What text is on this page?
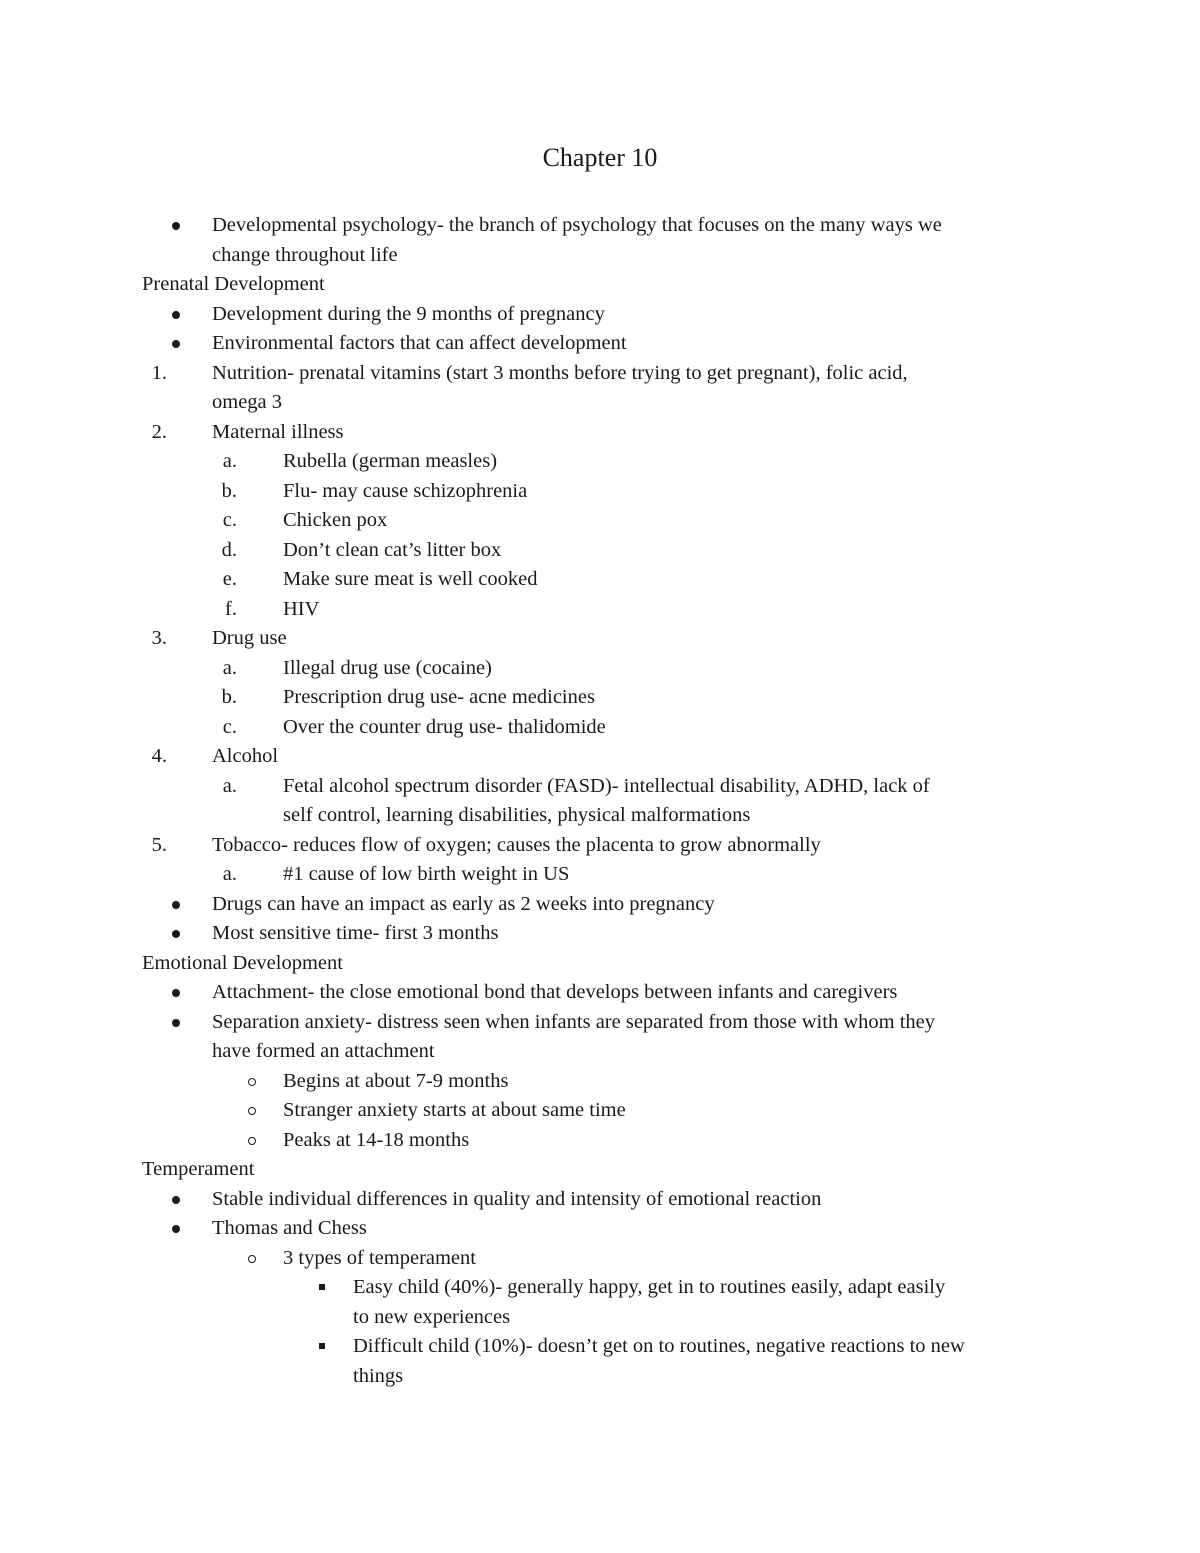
Chapter 10
Developmental psychology- the branch of psychology that focuses on the many ways we
change throughout life
Prenatal Development
Development during the 9 months of pregnancy
Environmental factors that can affect development
1. Nutrition- prenatal vitamins (start 3 months before trying to get pregnant), folic acid,
omega 3
2. Maternal illness
a. Rubella (german measles)
b. Flu- may cause schizophrenia
c. Chicken pox
d. Don’t clean cat’s litter box
e. Make sure meat is well cooked
f. HIV
3. Drug use
a. Illegal drug use (cocaine)
b. Prescription drug use- acne medicines
c. Over the counter drug use- thalidomide
4. Alcohol
a. Fetal alcohol spectrum disorder (FASD)- intellectual disability, ADHD, lack of
self control, learning disabilities, physical malformations
5. Tobacco- reduces flow of oxygen; causes the placenta to grow abnormally
a. #1 cause of low birth weight in US
Drugs can have an impact as early as 2 weeks into pregnancy
Most sensitive time- first 3 months
Emotional Development
Attachment- the close emotional bond that develops between infants and caregivers
Separation anxiety- distress seen when infants are separated from those with whom they
have formed an attachment
Begins at about 7-9 months
Stranger anxiety starts at about same time
Peaks at 14-18 months
Temperament
Stable individual differences in quality and intensity of emotional reaction
Thomas and Chess
3 types of temperament
Easy child (40%)- generally happy, get in to routines easily, adapt easily
to new experiences
Difficult child (10%)- doesn’t get on to routines, negative reactions to new
things
